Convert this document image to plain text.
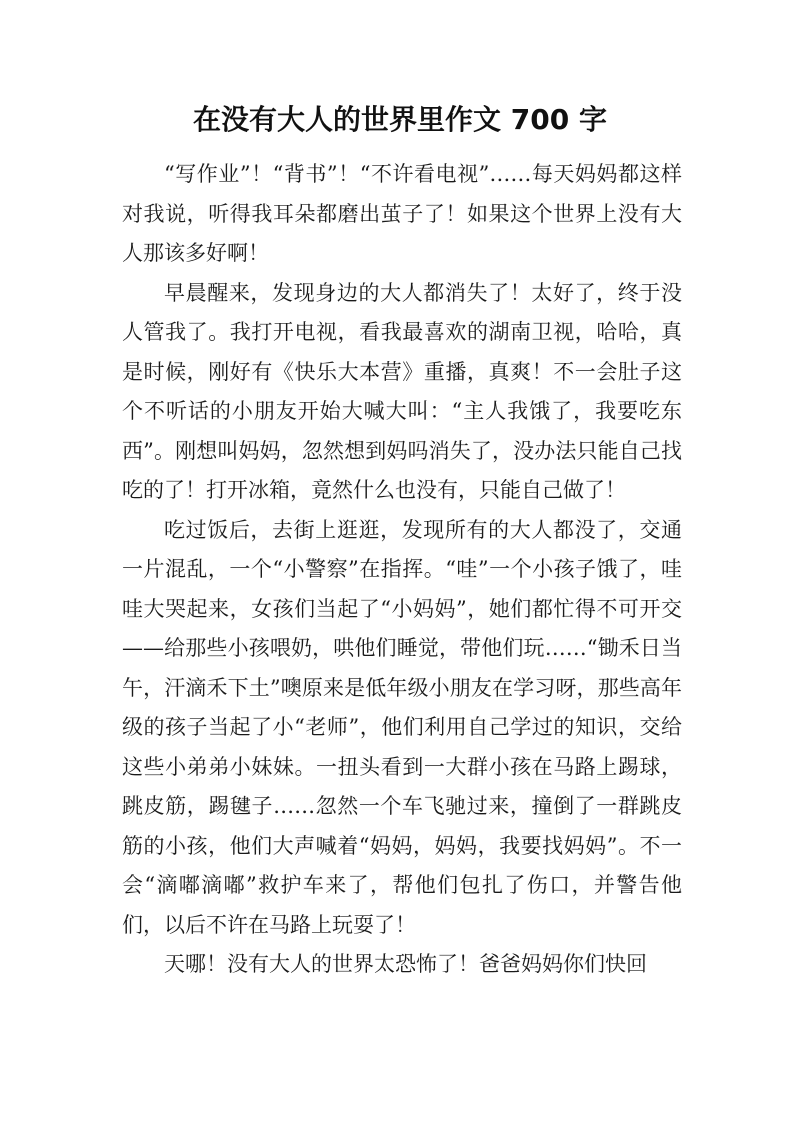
在没有大人的世界里作文 700 字

“写作业”！“背书”！“不许看电视”……每天妈妈都这样对我说，听得我耳朵都磨出茧子了！如果这个世界上没有大人那该多好啊！

早晨醒来，发现身边的大人都消失了！太好了，终于没人管我了。我打开电视，看我最喜欢的湖南卫视，哈哈，真是时候，刚好有《快乐大本营》重播，真爽！不一会肚子这个不听话的小朋友开始大喊大叫：“主人我饿了，我要吃东西”。刚想叫妈妈，忽然想到妈吗消失了，没办法只能自己找吃的了！打开冰箱，竟然什么也没有，只能自己做了！

吃过饭后，去街上逛逛，发现所有的大人都没了，交通一片混乱，一个“小警察”在指挥。“哇”一个小孩子饿了，哇哇大哭起来，女孩们当起了“小妈妈”，她们都忙得不可开交——给那些小孩喂奶，哄他们睡觉，带他们玩……“锄禾日当午，汗滴禾下土”噢原来是低年级小朋友在学习呀，那些高年级的孩子当起了小“老师”，他们利用自己学过的知识，交给这些小弟弟小妹妹。一扭头看到一大群小孩在马路上踢球，跳皮筋，踢毽子……忽然一个车飞驰过来，撞倒了一群跳皮筋的小孩，他们大声喊着“妈妈，妈妈，我要找妈妈”。不一会“滴嘟滴嘟”救护车来了，帮他们包扎了伤口，并警告他们，以后不许在马路上玩耍了！

天哪！没有大人的世界太恐怖了！爸爸妈妈你们快回
